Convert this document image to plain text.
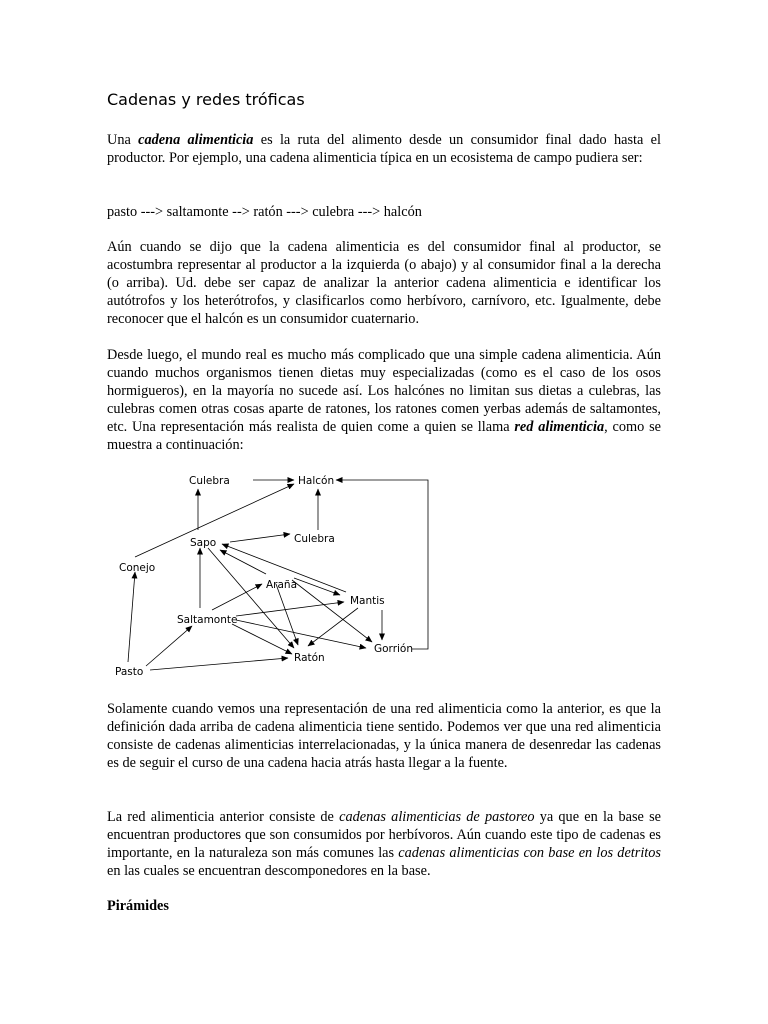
Cadenas y redes tróficas

Una cadena alimenticia es la ruta del alimento desde un consumidor final dado hasta el productor. Por ejemplo, una cadena alimenticia típica en un ecosistema de campo pudiera ser:

pasto ---> saltamonte --> ratón ---> culebra ---> halcón

Aún cuando se dijo que la cadena alimenticia es del consumidor final al productor, se acostumbra representar al productor a la izquierda (o abajo) y al consumidor final a la derecha (o arriba). Ud. debe ser capaz de analizar la anterior cadena alimenticia e identificar los autótrofos y los heterótrofos, y clasificarlos como herbívoro, carnívoro, etc. Igualmente, debe reconocer que el halcón es un consumidor cuaternario.

Desde luego, el mundo real es mucho más complicado que una simple cadena alimenticia. Aún cuando muchos organismos tienen dietas muy especializadas (como es el caso de los osos hormigueros), en la mayoría no sucede así. Los halcónes no limitan sus dietas a culebras, las culebras comen otras cosas aparte de ratones, los ratones comen yerbas además de saltamontes, etc. Una representación más realista de quien come a quien se llama red alimenticia, como se muestra a continuación:

Solamente cuando vemos una representación de una red alimenticia como la anterior, es que la definición dada arriba de cadena alimenticia tiene sentido. Podemos ver que una red alimenticia consiste de cadenas alimenticias interrelacionadas, y la única manera de desenredar las cadenas es de seguir el curso de una cadena hacia atrás hasta llegar a la fuente.

La red alimenticia anterior consiste de cadenas alimenticias de pastoreo ya que en la base se encuentran productores que son consumidos por herbívoros. Aún cuando este tipo de cadenas es importante, en la naturaleza son más comunes las cadenas alimenticias con base en los detritos en las cuales se encuentran descomponedores en la base.

Pirámides

Culebra	Halcón
Sapo	Culebra
Conejo
Araña
Mantis
Saltamonte
Gorrión
Ratón
Pasto
